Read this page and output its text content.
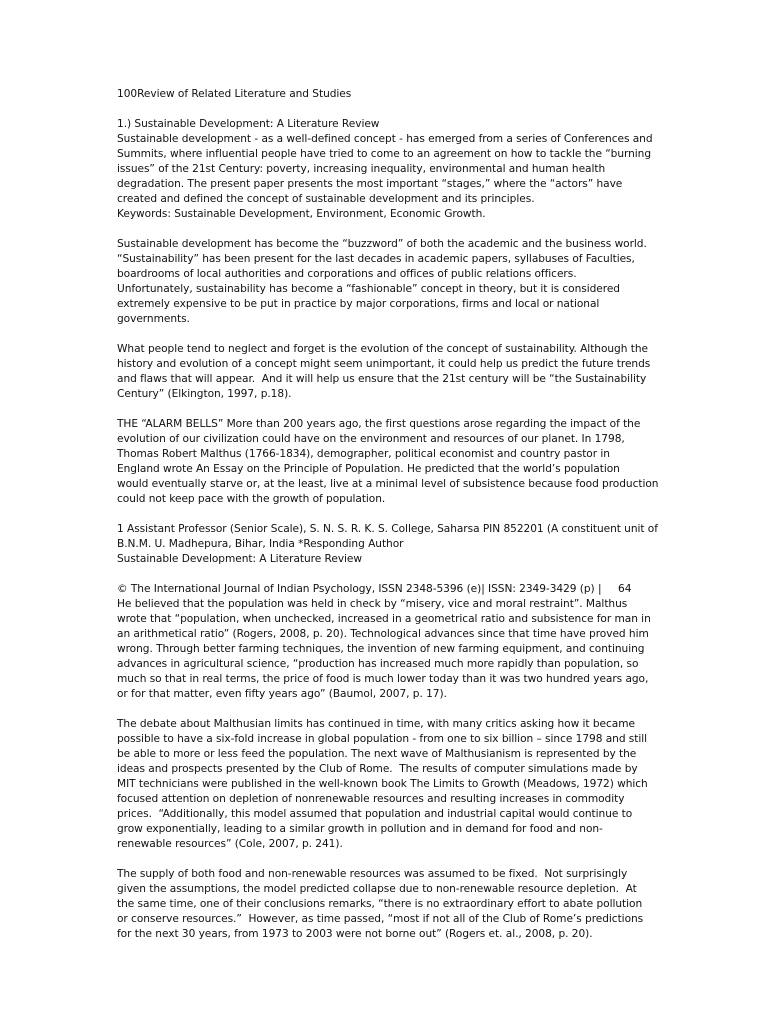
100Review of Related Literature and Studies
1.) Sustainable Development: A Literature Review
Sustainable development - as a well-defined concept - has emerged from a series of Conferences and
Summits, where influential people have tried to come to an agreement on how to tackle the “burning
issues” of the 21st Century: poverty, increasing inequality, environmental and human health
degradation. The present paper presents the most important “stages,” where the “actors” have
created and defined the concept of sustainable development and its principles.
Keywords: Sustainable Development, Environment, Economic Growth.
Sustainable development has become the “buzzword” of both the academic and the business world.
“Sustainability” has been present for the last decades in academic papers, syllabuses of Faculties,
boardrooms of local authorities and corporations and offices of public relations officers.
Unfortunately, sustainability has become a “fashionable” concept in theory, but it is considered
extremely expensive to be put in practice by major corporations, firms and local or national
governments.
What people tend to neglect and forget is the evolution of the concept of sustainability. Although the
history and evolution of a concept might seem unimportant, it could help us predict the future trends
and flaws that will appear.  And it will help us ensure that the 21st century will be “the Sustainability
Century” (Elkington, 1997, p.18).
THE “ALARM BELLS” More than 200 years ago, the first questions arose regarding the impact of the
evolution of our civilization could have on the environment and resources of our planet. In 1798,
Thomas Robert Malthus (1766-1834), demographer, political economist and country pastor in
England wrote An Essay on the Principle of Population. He predicted that the world’s population
would eventually starve or, at the least, live at a minimal level of subsistence because food production
could not keep pace with the growth of population.
1 Assistant Professor (Senior Scale), S. N. S. R. K. S. College, Saharsa PIN 852201 (A constituent unit of
B.N.M. U. Madhepura, Bihar, India *Responding Author
Sustainable Development: A Literature Review
© The International Journal of Indian Psychology, ISSN 2348-5396 (e)| ISSN: 2349-3429 (p) |     64
He believed that the population was held in check by “misery, vice and moral restraint”. Malthus
wrote that “population, when unchecked, increased in a geometrical ratio and subsistence for man in
an arithmetical ratio” (Rogers, 2008, p. 20). Technological advances since that time have proved him
wrong. Through better farming techniques, the invention of new farming equipment, and continuing
advances in agricultural science, “production has increased much more rapidly than population, so
much so that in real terms, the price of food is much lower today than it was two hundred years ago,
or for that matter, even fifty years ago” (Baumol, 2007, p. 17).
The debate about Malthusian limits has continued in time, with many critics asking how it became
possible to have a six-fold increase in global population - from one to six billion – since 1798 and still
be able to more or less feed the population. The next wave of Malthusianism is represented by the
ideas and prospects presented by the Club of Rome.  The results of computer simulations made by
MIT technicians were published in the well-known book The Limits to Growth (Meadows, 1972) which
focused attention on depletion of nonrenewable resources and resulting increases in commodity
prices.  “Additionally, this model assumed that population and industrial capital would continue to
grow exponentially, leading to a similar growth in pollution and in demand for food and non-
renewable resources” (Cole, 2007, p. 241).
The supply of both food and non-renewable resources was assumed to be fixed.  Not surprisingly
given the assumptions, the model predicted collapse due to non-renewable resource depletion.  At
the same time, one of their conclusions remarks, “there is no extraordinary effort to abate pollution
or conserve resources.”  However, as time passed, “most if not all of the Club of Rome’s predictions
for the next 30 years, from 1973 to 2003 were not borne out” (Rogers et. al., 2008, p. 20).
